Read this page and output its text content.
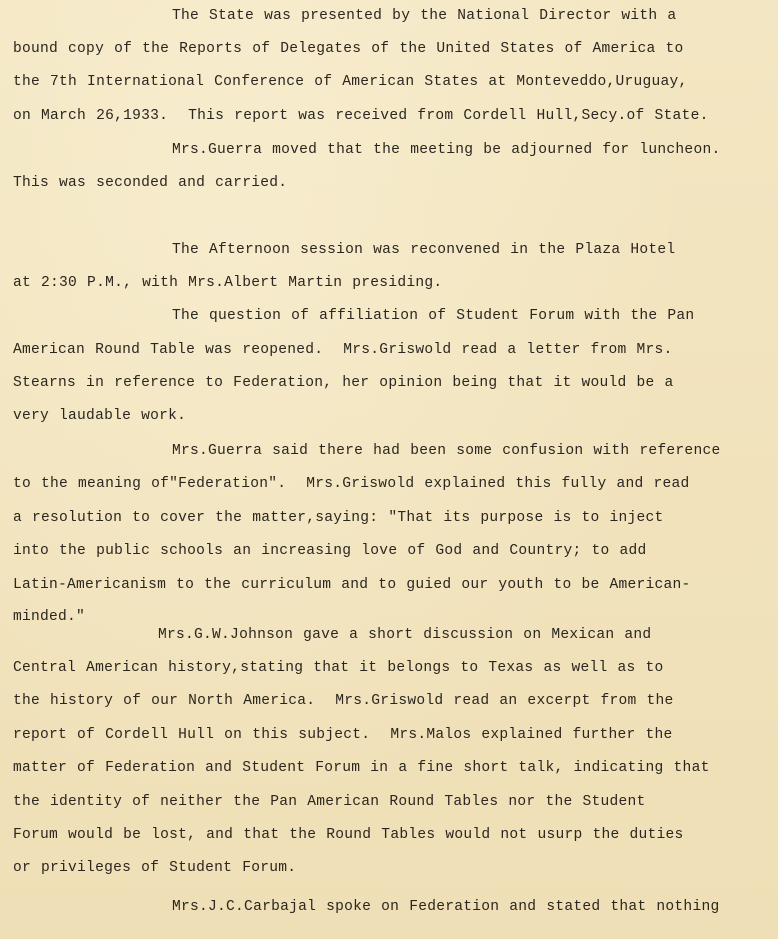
The State was presented by the National Director with a
bound copy of the Reports of Delegates of the United States of America to
the 7th International Conference of American States at Monteveddo,Uruguay,
on March 26,1933.  This report was received from Cordell Hull,Secy.of State.
Mrs.Guerra moved that the meeting be adjourned for luncheon.
This was seconded and carried.
The Afternoon session was reconvened in the Plaza Hotel
at 2:30 P.M., with Mrs.Albert Martin presiding.
The question of affiliation of Student Forum with the Pan
American Round Table was reopened.  Mrs.Griswold read a letter from Mrs.
Stearns in reference to Federation, her opinion being that it would be a
very laudable work.
Mrs.Guerra said there had been some confusion with reference
to the meaning of"Federation".  Mrs.Griswold explained this fully and read
a resolution to cover the matter,saying: "That its purpose is to inject
into the public schools an increasing love of God and Country; to add
Latin-Americanism to the curriculum and to guied our youth to be American-
minded."
Mrs.G.W.Johnson gave a short discussion on Mexican and
Central American history,stating that it belongs to Texas as well as to
the history of our North America.  Mrs.Griswold read an excerpt from the
report of Cordell Hull on this subject.  Mrs.Malos explained further the
matter of Federation and Student Forum in a fine short talk, indicating that
the identity of neither the Pan American Round Tables nor the Student
Forum would be lost, and that the Round Tables would not usurp the duties
or privileges of Student Forum.
Mrs.J.C.Carbajal spoke on Federation and stated that nothing
